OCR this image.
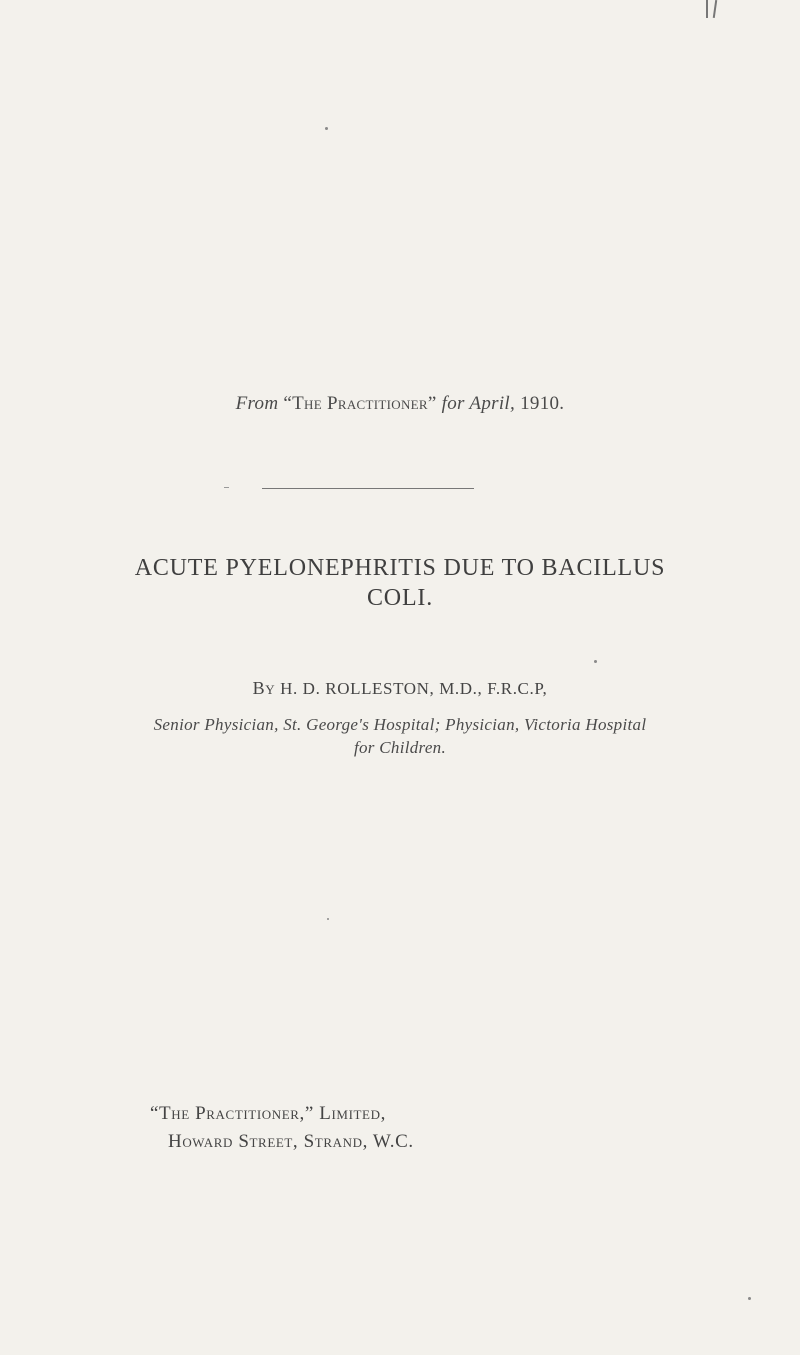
From “The Practitioner” for April, 1910.
ACUTE PYELONEPHRITIS DUE TO BACILLUS
COLI.
By H. D. ROLLESTON, M.D., F.R.C.P,
Senior Physician, St. George's Hospital; Physician, Victoria Hospital
for Children.
“The Practitioner,” Limited,
Howard Street, Strand, W.C.
